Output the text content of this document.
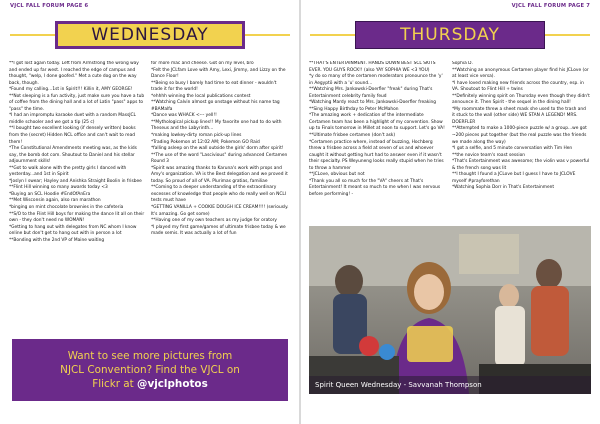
VJCL FALL FORUM PAGE 6
WEDNESDAY

**I got lost again today. Left from Armstrong the wrong way and ended up far west. I reached the edge of campus and thought, "welp, I done goofed." Met a cute dog on the way back, though.

*Found my calling...1st in Spirit!!! Killin it, AMY GEORGE!

**Not sleeping is a fun activity, just make sure you have a tub of coffee from the dining hall and a lot of Latin "pass" apps to "pass" the time.

*I had an impromptu karaoke duet with a random MassJCL middle schooler and we got a tip (25 c)

**I bought two excellent looking (if densely written) books from the (secret) Hidden NCL office and can't wait to read them!

*The Constitutional Amendments meeting was, as the kids say, the bomb dot com. Shoutout to Daniel and his stellar adjournment skills!

**Got to walk alone with the pretty girls I danced with yesterday...and 1st in Spirit

*Joslyn I swear; Hayley and Anishka Straight Boolin in frisbee

**Flint Hill winning so many awards today <3

*Buying an SCL Hoodie #EndOfAnEra

**Met Wisconsin again, also ran marathon

*binging on mint chocolate brownies in the cafeteria

**S/O to the Flint Hill boys for making the dance lit all on their own - they don't need no WOMAN!

*Getting to hang out with delegates from NC whom I know online but don't get to hang out with in person a lot

**Bonding with the 2nd VP of Maine waiting

for more mac and cheese. Got on my level, bro

*Felt the JCLfam Love with Amy, Lexi, Jimmy, and Lizzy on the Dance Floor!

**Being so busy I barely had time to eat dinner - wouldn't trade it for the world!

*ehhhh winning the local publications contest

**Watching Calvin almost go onstage without his name tag #BAMalfa

*Dance was WHACK <--- yell!!

**Mythological pickup lines!! My favorite one had to do with Theseus and the Labyrinth...

*making lowkey-dirty roman pick-up lines

*Trading Pokemon at 12:02 AM; Pokemon GO Raid

*falling asleep on the wall outside the girls' dorm after spirit!

**The use of the word "Lascivious" during advanced Certamen Round 3

*Spirit was amazing thanks to Karuna's work with props and Amy's organization. VA is the Best delegation and we proved it today. So proud of all of VA. Plurimas gratias, familiae

**Coming to a deeper understanding of the extraordinary excesses of knowledge that people who do really well on NCLI tests must have

*GETTING VANILLA + COOKIE DOUGH ICE CREAM!!!! (seriously. It's amazing. Go get some)

**Having one of my own teachers as my judge for oratory

*I played my first game/games of ultimate frisbee today & we made semis. It was actually a lot of fun

Want to see more pictures from
NJCL Convention? Find the VJCL on
Flickr at @vjclphotos
VJCL FALL FORUM PAGE 7
THURSDAY

**THAT'S ENTERTAINMENT. HANDS DOWN BEST SCL SKITS EVER. YOU GUYS ROCK!! (also YAY SOPHIA WE <3 YOU)

*y do so many of the certamen moderators pronounce the 'y' in Aegyptō with a 'u' sound...

**Watching Mrs. Jankowski-Doerfler "freak" during That's Entertainment celebrity family feud

*Watching Mardy react to Mrs. Jankowski-Doerfler freaking

**Sing Happy Birthday to Peter McMahon

*The amazing work + dedication of the intermediate Certamen team has been a highlight of my convention. Show up to Finals tomorrow in Millet at noon to support. Let's go VA!

**Ultimate frisbee certamen (don't ask)

*Certamen practice where, instead of buzzing, Hochberg threw a frisbee across a field at seven of us and whoever caught it without getting hurt had to answer even if it wasn't their specialty. PS Weyuneng looks really stupid when he tries to throw a hammer

**JCLove, obvious but not

*Thank you all so much for the "VA" cheers at That's Entertainment! It meant so much to me when I was nervous before performing! -

Sophia D.

**Watching an anonymous Certamen player find his JCLove (or at least vice versa).

*I have loved making new friends across the country, esp. in VA. Shoutout to Flint Hill + twins

**Definitely winning spirit on Thursday even though they didn't announce it. Then Spirit - the sequel in the dining hall!

*My roommate threw a sheet mask she used to the trash and it stuck to the wall (other side) WE STAN A LEGEND! MRS. DOERFLER

**Attempted to make a 1000-piece puzzle w/ a group...we got ~200 pieces put together (but the real puzzle was the friends we made along the way)

*I got a selfie, and 5 minute conversation with Tim Hen

**the novice team's roast session

*That's Entertainment was awesome; the violin was v powerful & the french song was lit

**I thought I found a JCLove but I guess I have to JCLOVE myself #prayforethan

*Watching Sophia Dorr in That's Entertainment

Spirit Queen Wednesday - Savvanah Thompson
